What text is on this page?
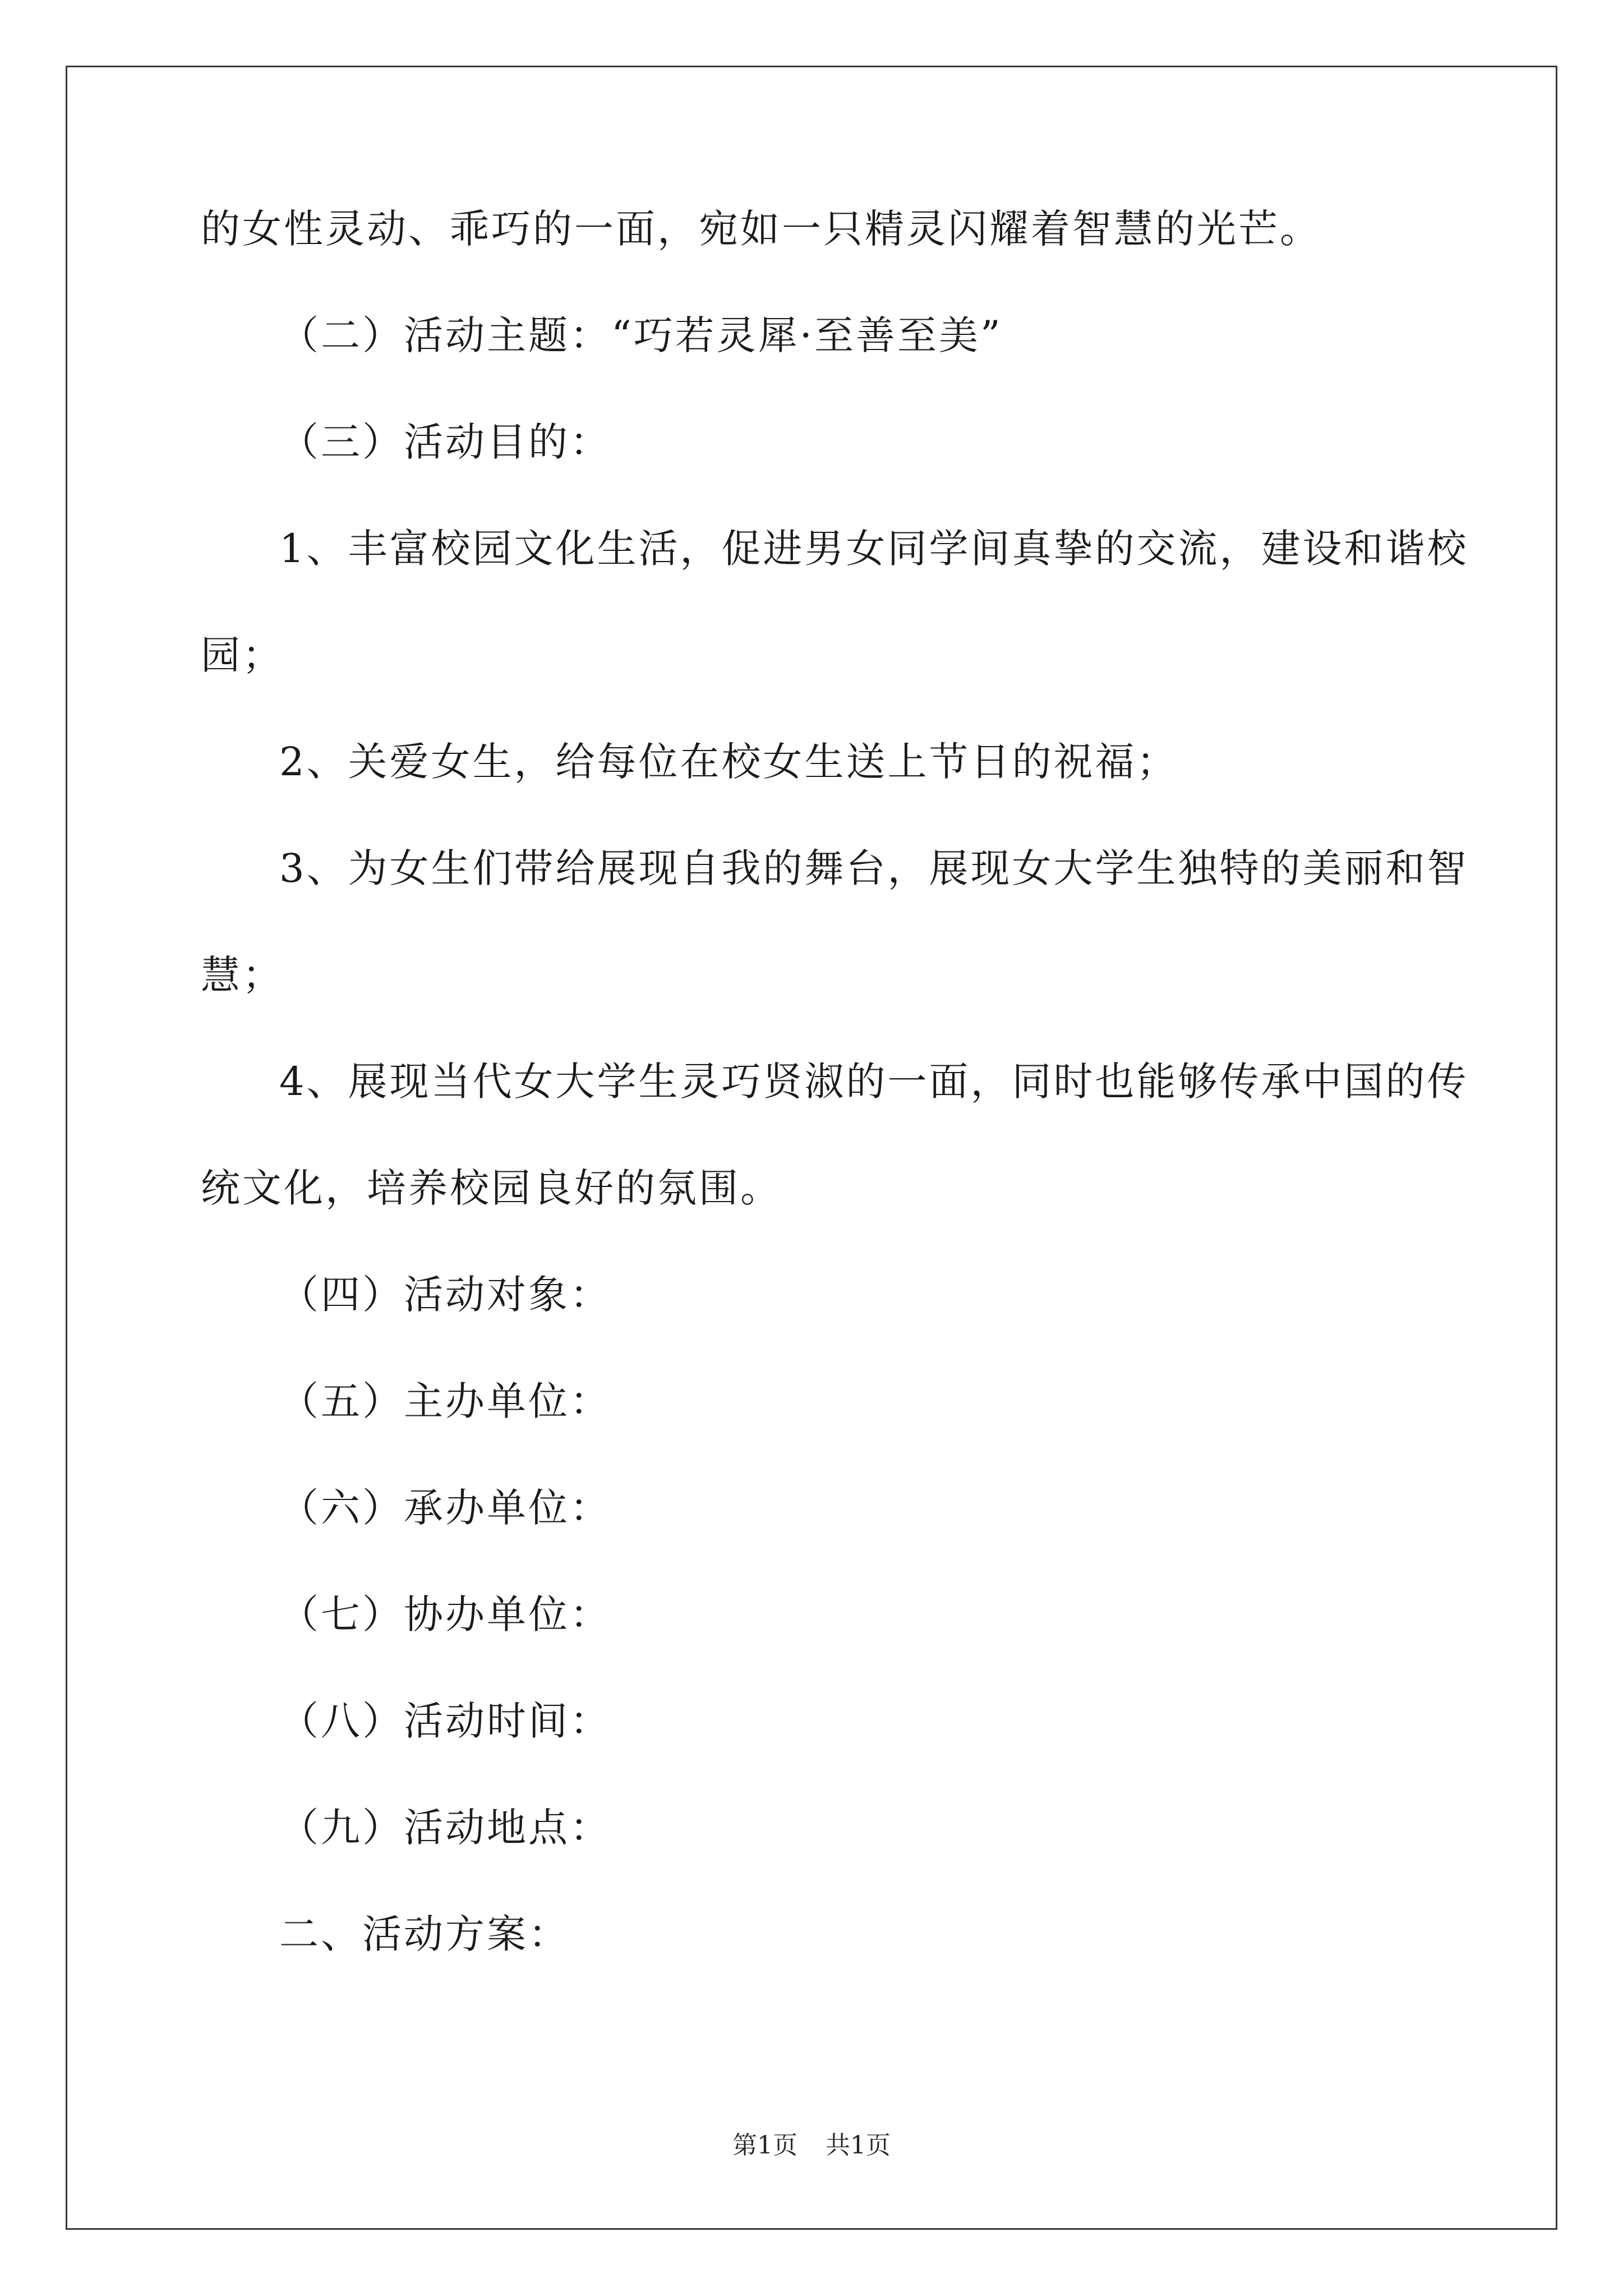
的女性灵动、乖巧的一面，宛如一只精灵闪耀着智慧的光芒。
（二）活动主题：“巧若灵犀·至善至美”
（三）活动目的：
1、丰富校园文化生活，促进男女同学间真挚的交流，建设和谐校
园；
2、关爱女生，给每位在校女生送上节日的祝福；
3、为女生们带给展现自我的舞台，展现女大学生独特的美丽和智
慧；
4、展现当代女大学生灵巧贤淑的一面，同时也能够传承中国的传
统文化，培养校园良好的氛围。
（四）活动对象：
（五）主办单位：
（六）承办单位：
（七）协办单位：
（八）活动时间：
（九）活动地点：
二、活动方案：
第1页 共1页
